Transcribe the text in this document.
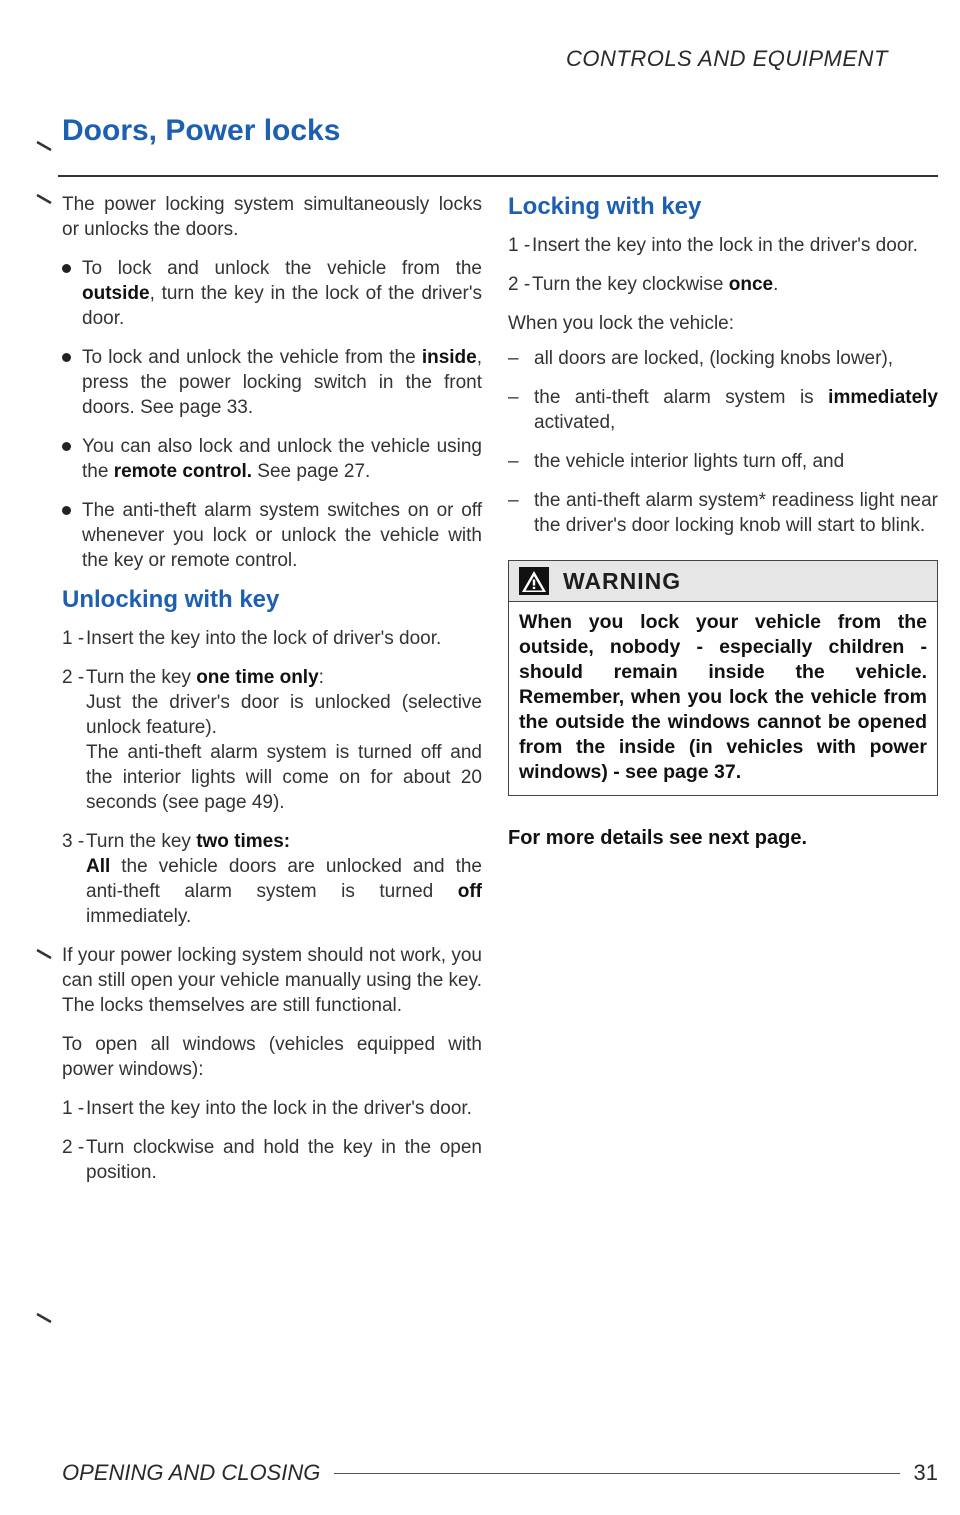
CONTROLS AND EQUIPMENT
Doors, Power locks

The power locking system simultaneously locks or unlocks the doors.

To lock and unlock the vehicle from the outside, turn the key in the lock of the driver's door.

To lock and unlock the vehicle from the inside, press the power locking switch in the front doors. See page 33.

You can also lock and unlock the vehicle using the remote control. See page 27.

The anti-theft alarm system switches on or off whenever you lock or unlock the vehicle with the key or remote control.

Unlocking with key

1 - Insert the key into the lock of driver's door.

2 - Turn the key one time only:
Just the driver's door is unlocked (selective unlock feature).
The anti-theft alarm system is turned off and the interior lights will come on for about 20 seconds (see page 49).

3 - Turn the key two times:
All the vehicle doors are unlocked and the anti-theft alarm system is turned off immediately.

If your power locking system should not work, you can still open your vehicle manually using the key. The locks themselves are still functional.

To open all windows (vehicles equipped with power windows):

1 - Insert the key into the lock in the driver's door.

2 - Turn clockwise and hold the key in the open position.

Locking with key

1 - Insert the key into the lock in the driver's door.

2 - Turn the key clockwise once.

When you lock the vehicle:

– all doors are locked, (locking knobs lower),

– the anti-theft alarm system is immediately activated,

– the vehicle interior lights turn off, and

– the anti-theft alarm system* readiness light near the driver's door locking knob will start to blink.

WARNING
When you lock your vehicle from the outside, nobody - especially children - should remain inside the vehicle. Remember, when you lock the vehicle from the outside the windows cannot be opened from the inside (in vehicles with power windows) - see page 37.
For more details see next page.
OPENING AND CLOSING	31
